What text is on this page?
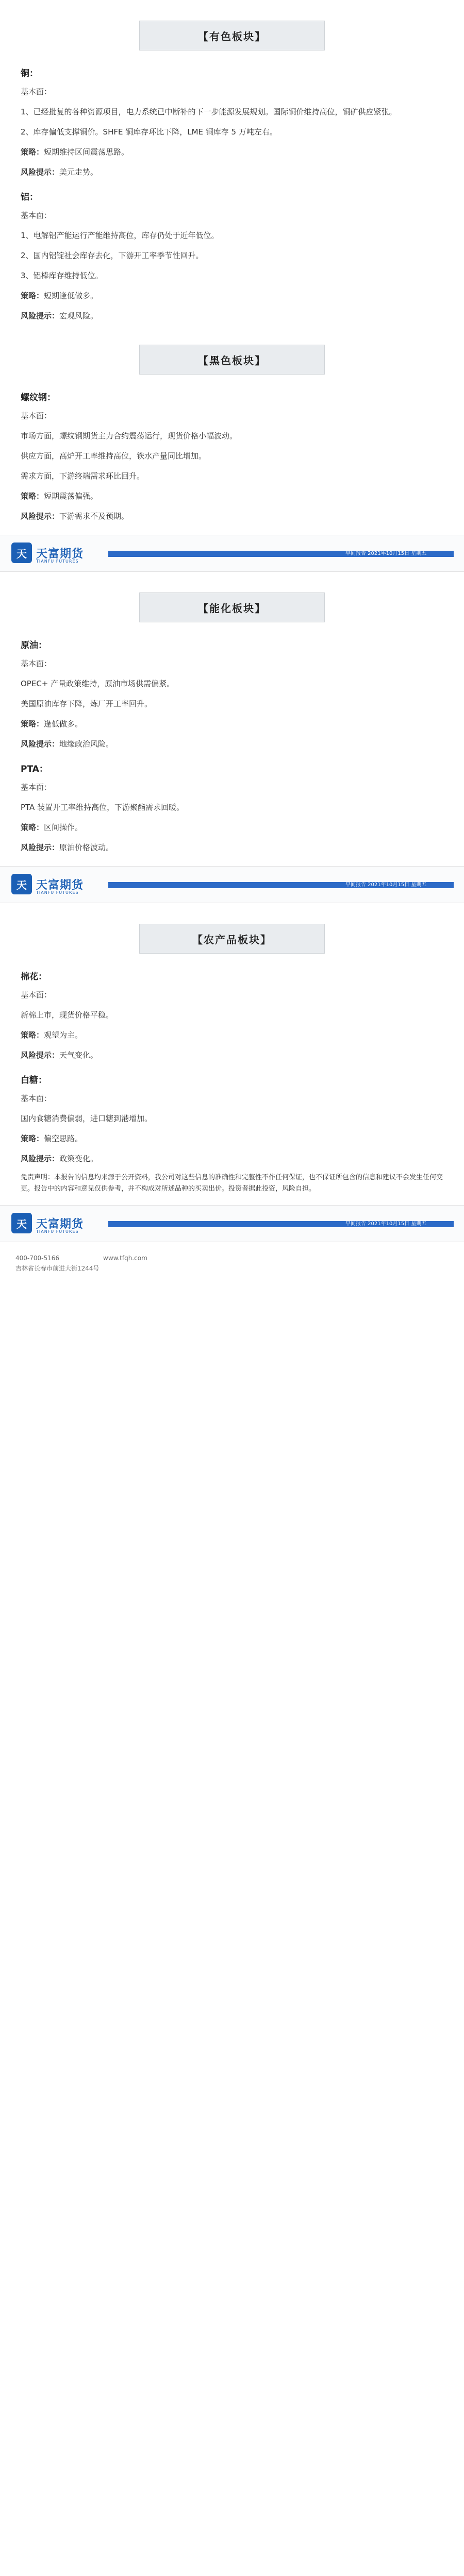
【有色板块】
铜：

基本面：

1、已经批复的各种资源项目，电力系统已中断补的下一步能源发展规划。国际铜价维持高位，铜矿供应紧张。

2、库存偏低支撑铜价。SHFE 铜库存环比下降，LME 铜库存 5 万吨左右。

策略：短期维持区间震荡思路。

风险提示：美元走势。

铝：

基本面：

1、电解铝产能运行产能维持高位，库存仍处于近年低位。

2、国内铝锭社会库存去化，下游开工率季节性回升。

3、铝棒库存维持低位。

策略：短期逢低做多。

风险提示：宏观风险。

【黑色板块】
螺纹钢：

基本面：

市场方面，螺纹钢期货主力合约震荡运行，现货价格小幅波动。

供应方面，高炉开工率维持高位，铁水产量同比增加。

需求方面，下游终端需求环比回升。

策略：短期震荡偏强。

风险提示：下游需求不及预期。

天 天富期货
TIANFU FUTURES
早间报告 2021年10月15日 星期五
【能化板块】
原油：

基本面：

OPEC+ 产量政策维持，原油市场供需偏紧。

美国原油库存下降，炼厂开工率回升。

策略：逢低做多。

风险提示：地缘政治风险。

PTA：

基本面：

PTA 装置开工率维持高位，下游聚酯需求回暖。

策略：区间操作。

风险提示：原油价格波动。

天 天富期货
TIANFU FUTURES
早间报告 2021年10月15日 星期五
【农产品板块】
棉花：

基本面：

新棉上市，现货价格平稳。

策略：观望为主。

风险提示：天气变化。

白糖：

基本面：

国内食糖消费偏弱，进口糖到港增加。

策略：偏空思路。

风险提示：政策变化。

免责声明：本报告的信息均来源于公开资料，我公司对这些信息的准确性和完整性不作任何保证，也不保证所包含的信息和建议不会发生任何变更。报告中的内容和意见仅供参考，并不构成对所述品种的买卖出价。投资者据此投资，风险自担。
天 天富期货
TIANFU FUTURES
早间报告 2021年10月15日 星期五
400-700-5166	www.tfqh.com
吉林省长春市前进大街1244号
